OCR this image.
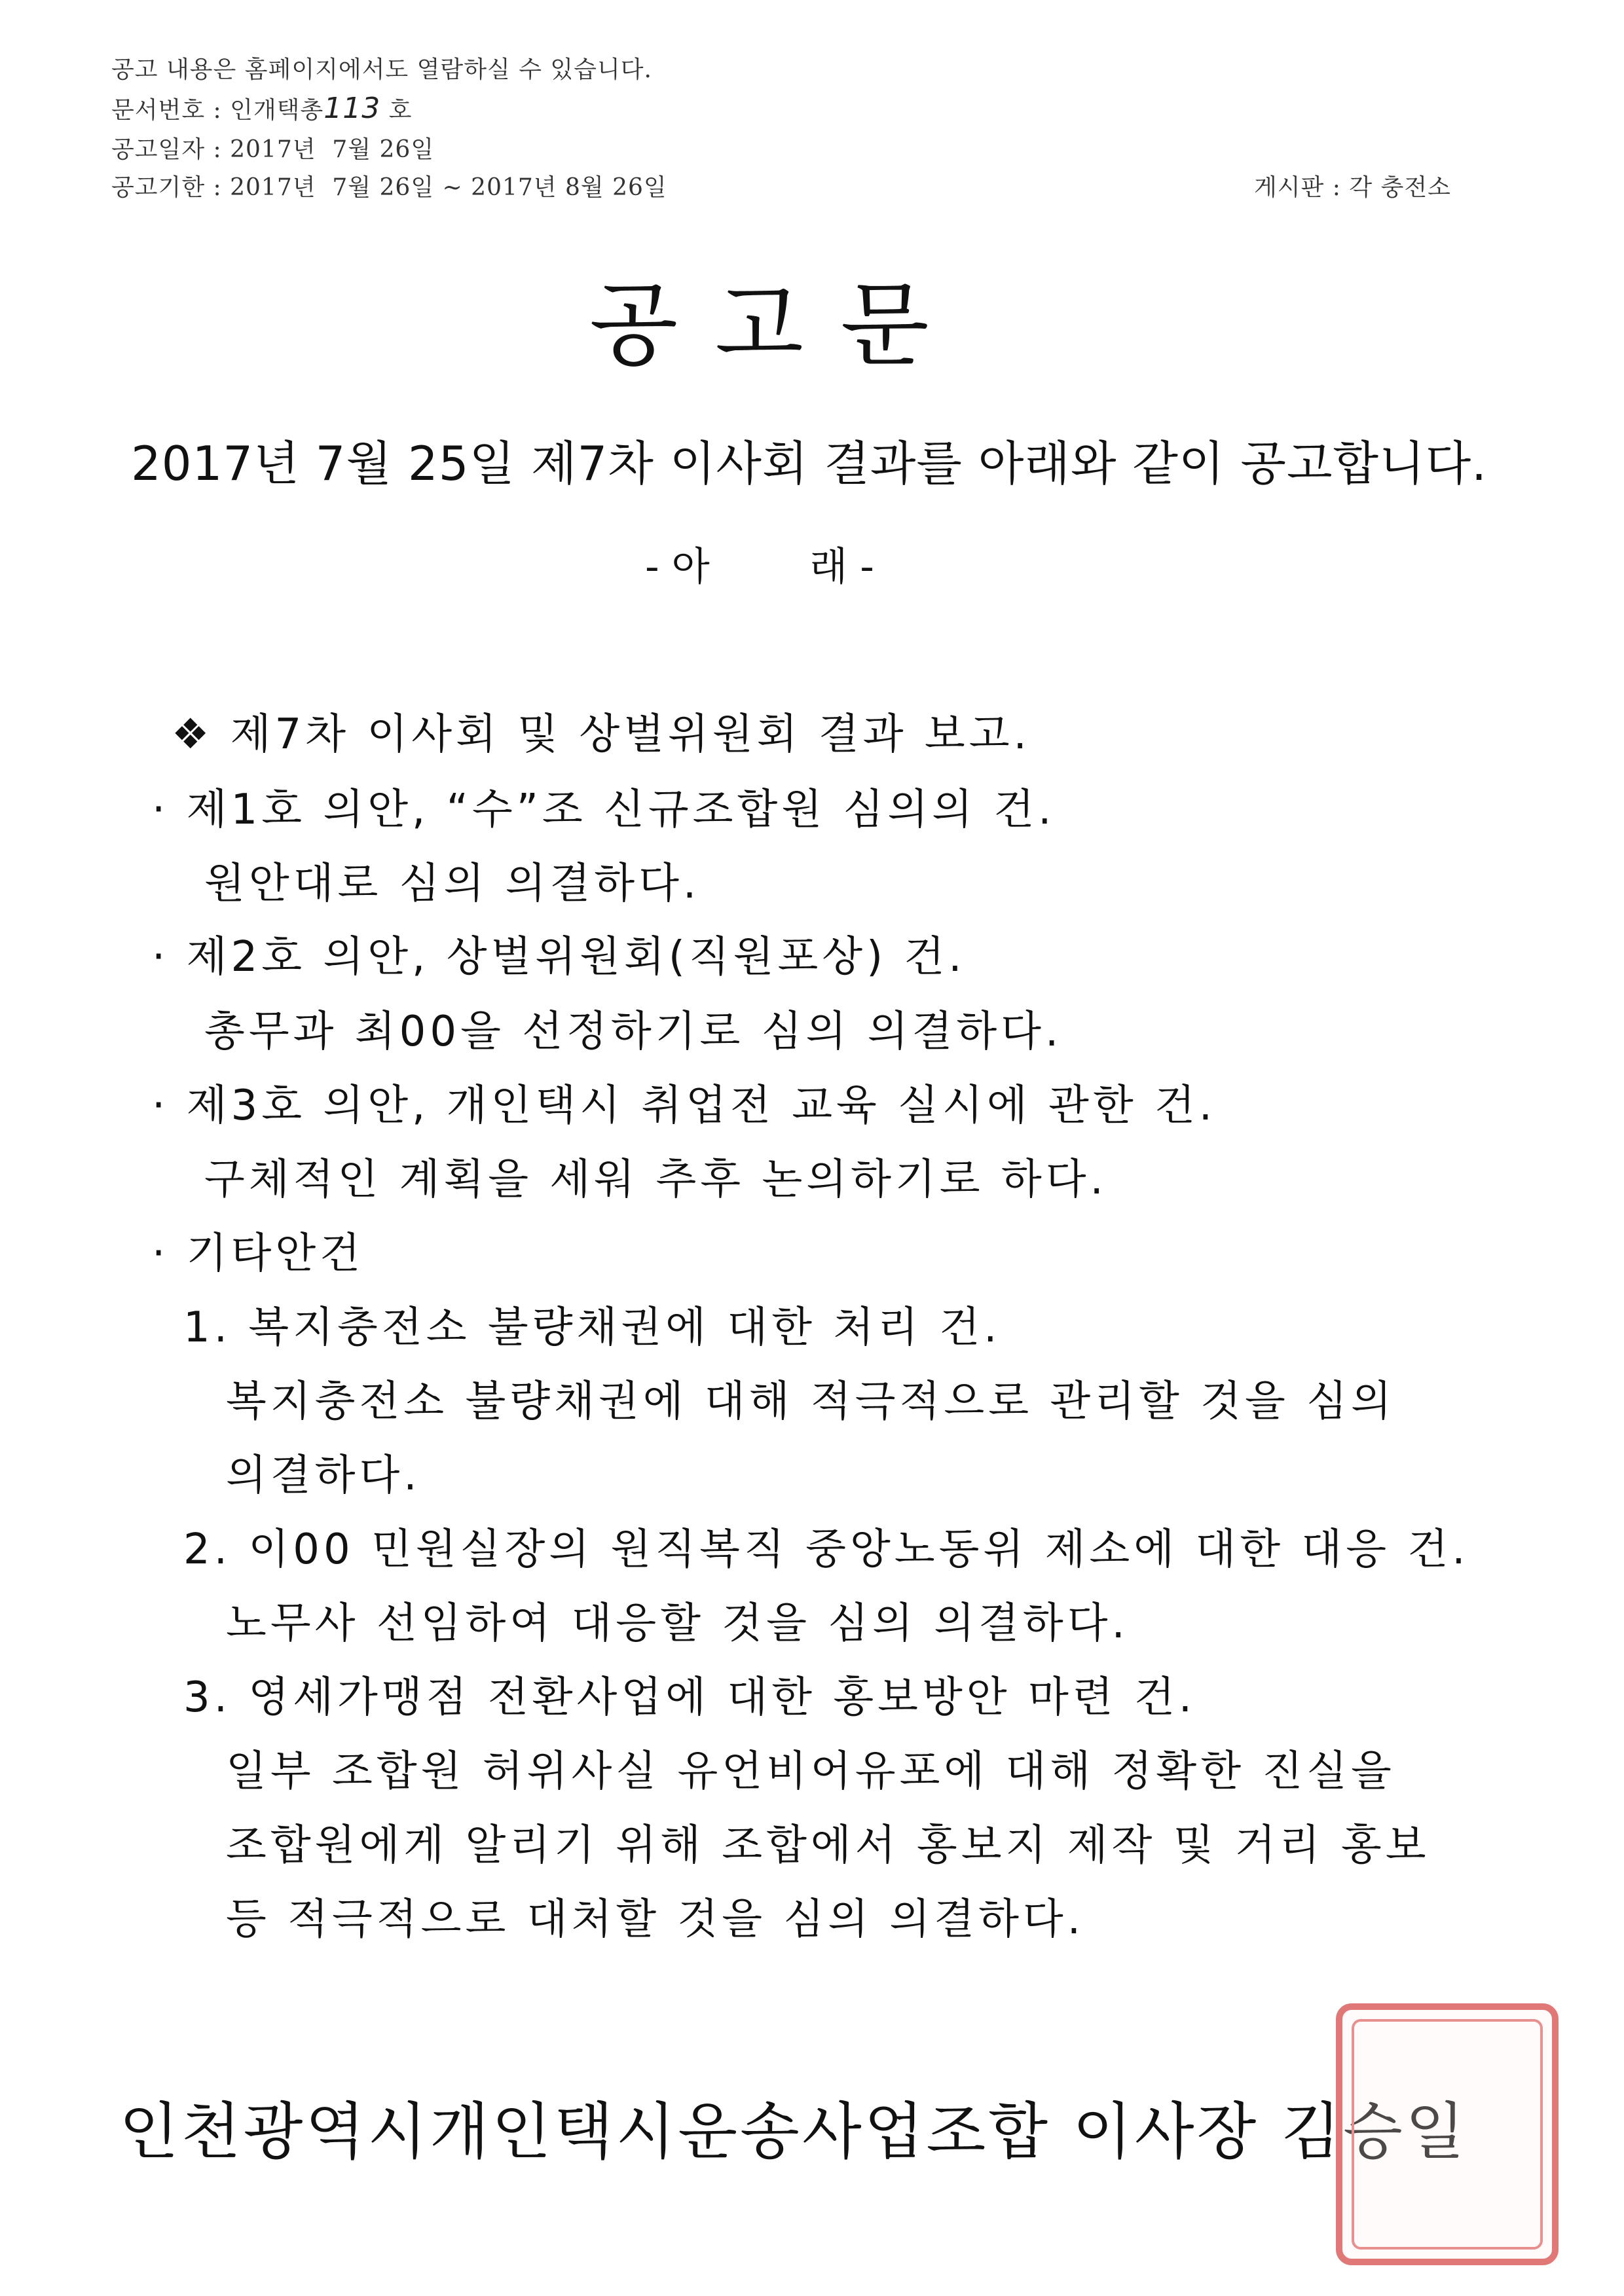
공고 내용은 홈페이지에서도 열람하실 수 있습니다.
문서번호 : 인개택총113 호
공고일자 : 2017년  7월 26일
공고기한 : 2017년  7월 26일 ~ 2017년 8월 26일	게시판 : 각 충전소
공 고 문
2017년 7월 25일 제7차 이사회 결과를 아래와 같이 공고합니다.
- 아        래 -
❖ 제7차 이사회 및 상벌위원회 결과 보고.
· 제1호 의안, “수”조 신규조합원 심의의 건.
원안대로 심의 의결하다.
· 제2호 의안, 상벌위원회(직원포상) 건.
총무과 최00을 선정하기로 심의 의결하다.
· 제3호 의안, 개인택시 취업전 교육 실시에 관한 건.
구체적인 계획을 세워 추후 논의하기로 하다.
· 기타안건
1. 복지충전소 불량채권에 대한 처리 건.
복지충전소 불량채권에 대해 적극적으로 관리할 것을 심의
의결하다.
2. 이00 민원실장의 원직복직 중앙노동위 제소에 대한 대응 건.
노무사 선임하여 대응할 것을 심의 의결하다.
3. 영세가맹점 전환사업에 대한 홍보방안 마련 건.
일부 조합원 허위사실 유언비어유포에 대해 정확한 진실을
조합원에게 알리기 위해 조합에서 홍보지 제작 및 거리 홍보
등 적극적으로 대처할 것을 심의 의결하다.
인천광역시개인택시운송사업조합 이사장 김승일
